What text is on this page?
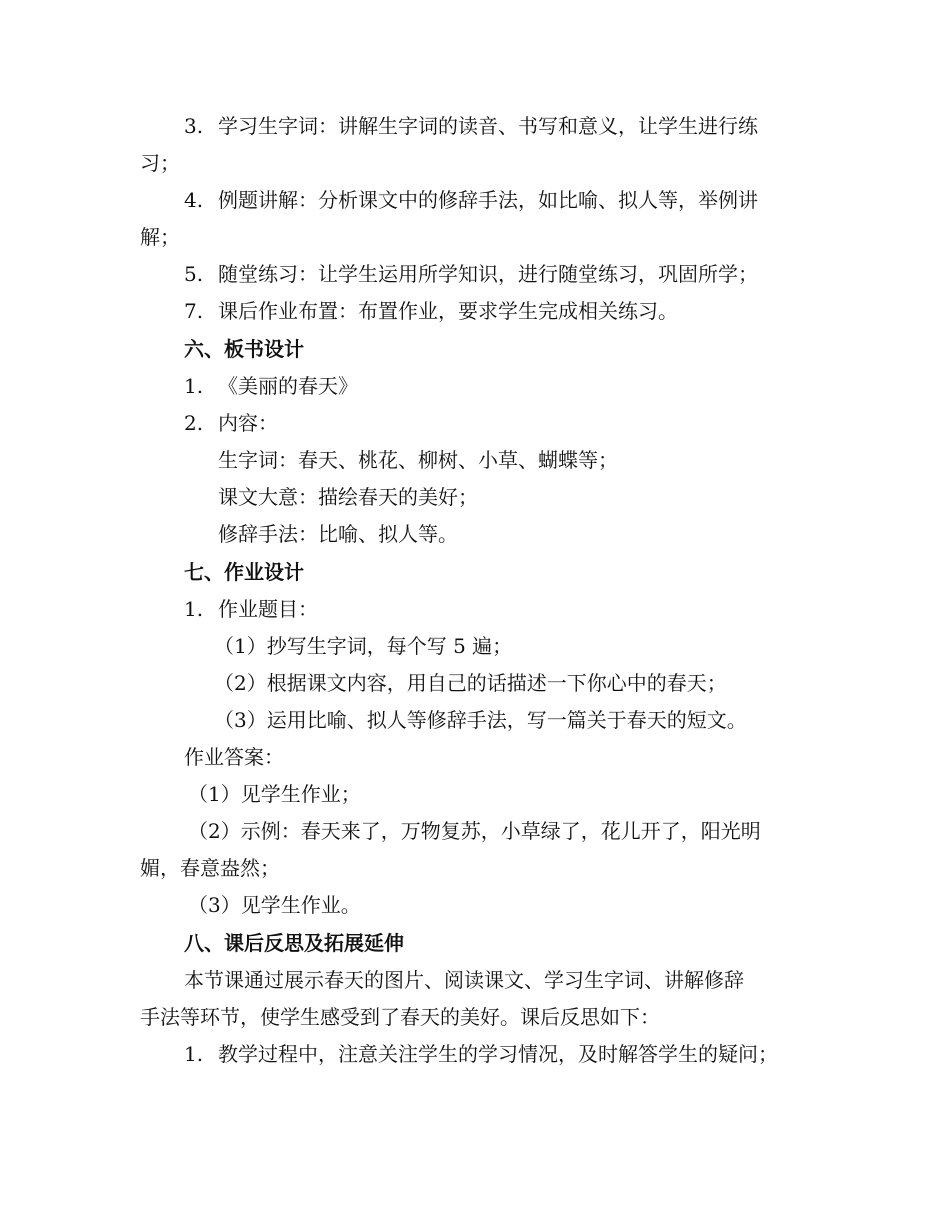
3. 学习生字词：讲解生字词的读音、书写和意义，让学生进行练
习；
4. 例题讲解：分析课文中的修辞手法，如比喻、拟人等，举例讲
解；
5. 随堂练习：让学生运用所学知识，进行随堂练习，巩固所学；
7. 课后作业布置：布置作业，要求学生完成相关练习。
六、板书设计
1. 《美丽的春天》
2. 内容：
生字词：春天、桃花、柳树、小草、蝴蝶等；
课文大意：描绘春天的美好；
修辞手法：比喻、拟人等。
七、作业设计
1. 作业题目：
（1）抄写生字词，每个写 5 遍；
（2）根据课文内容，用自己的话描述一下你心中的春天；
（3）运用比喻、拟人等修辞手法，写一篇关于春天的短文。
作业答案：
（1）见学生作业；
（2）示例：春天来了，万物复苏，小草绿了，花儿开了，阳光明
媚，春意盎然；
（3）见学生作业。
八、课后反思及拓展延伸
本节课通过展示春天的图片、阅读课文、学习生字词、讲解修辞
手法等环节，使学生感受到了春天的美好。课后反思如下：
1. 教学过程中，注意关注学生的学习情况，及时解答学生的疑问；
